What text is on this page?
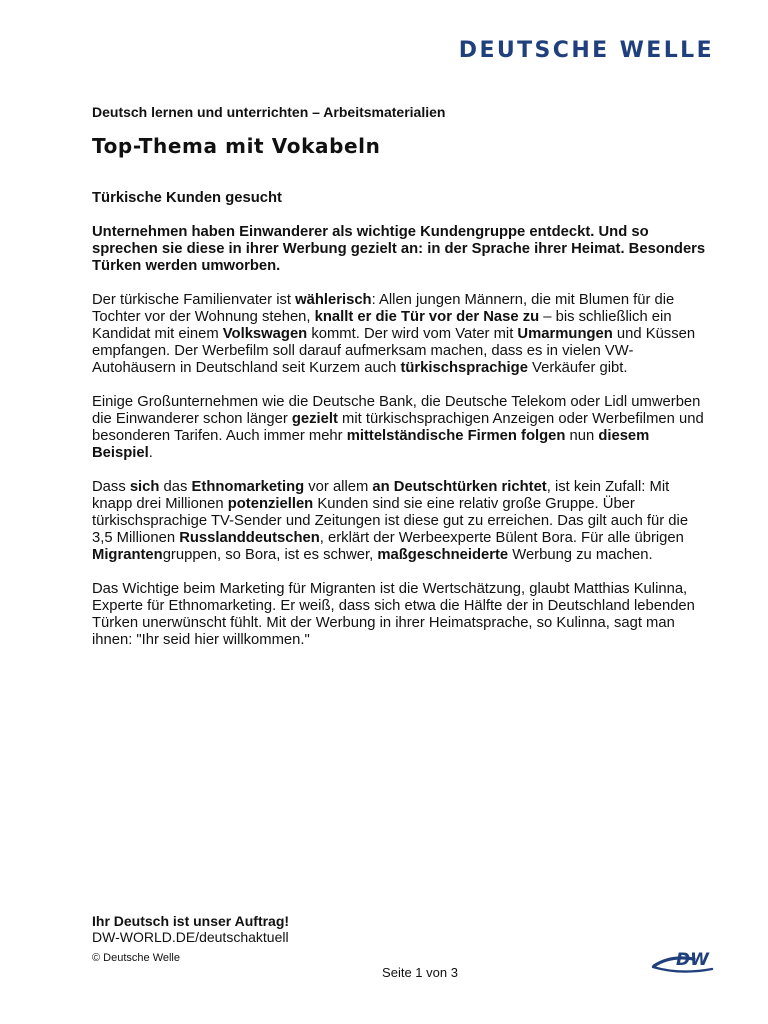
DEUTSCHE WELLE
Deutsch lernen und unterrichten – Arbeitsmaterialien
Top-Thema mit Vokabeln

Türkische Kunden gesucht

Unternehmen haben Einwanderer als wichtige Kundengruppe entdeckt. Und so sprechen sie diese in ihrer Werbung gezielt an: in der Sprache ihrer Heimat. Besonders Türken werden umworben.

Der türkische Familienvater ist wählerisch: Allen jungen Männern, die mit Blumen für die Tochter vor der Wohnung stehen, knallt er die Tür vor der Nase zu – bis schließlich ein Kandidat mit einem Volkswagen kommt. Der wird vom Vater mit Umarmungen und Küssen empfangen. Der Werbefilm soll darauf aufmerksam machen, dass es in vielen VW-Autohäusern in Deutschland seit Kurzem auch türkischsprachige Verkäufer gibt.

Einige Großunternehmen wie die Deutsche Bank, die Deutsche Telekom oder Lidl umwerben die Einwanderer schon länger gezielt mit türkischsprachigen Anzeigen oder Werbefilmen und besonderen Tarifen. Auch immer mehr mittelständische Firmen folgen nun diesem Beispiel.

Dass sich das Ethnomarketing vor allem an Deutschtürken richtet, ist kein Zufall: Mit knapp drei Millionen potenziellen Kunden sind sie eine relativ große Gruppe. Über türkischsprachige TV-Sender und Zeitungen ist diese gut zu erreichen. Das gilt auch für die 3,5 Millionen Russlanddeutschen, erklärt der Werbeexperte Bülent Bora. Für alle übrigen Migrantengruppen, so Bora, ist es schwer, maßgeschneiderte Werbung zu machen.

Das Wichtige beim Marketing für Migranten ist die Wertschätzung, glaubt Matthias Kulinna, Experte für Ethnomarketing. Er weiß, dass sich etwa die Hälfte der in Deutschland lebenden Türken unerwünscht fühlt. Mit der Werbung in ihrer Heimatsprache, so Kulinna, sagt man ihnen: "Ihr seid hier willkommen."

Ihr Deutsch ist unser Auftrag!
DW-WORLD.DE/deutschaktuell
© Deutsche Welle
Seite 1 von 3
DW
